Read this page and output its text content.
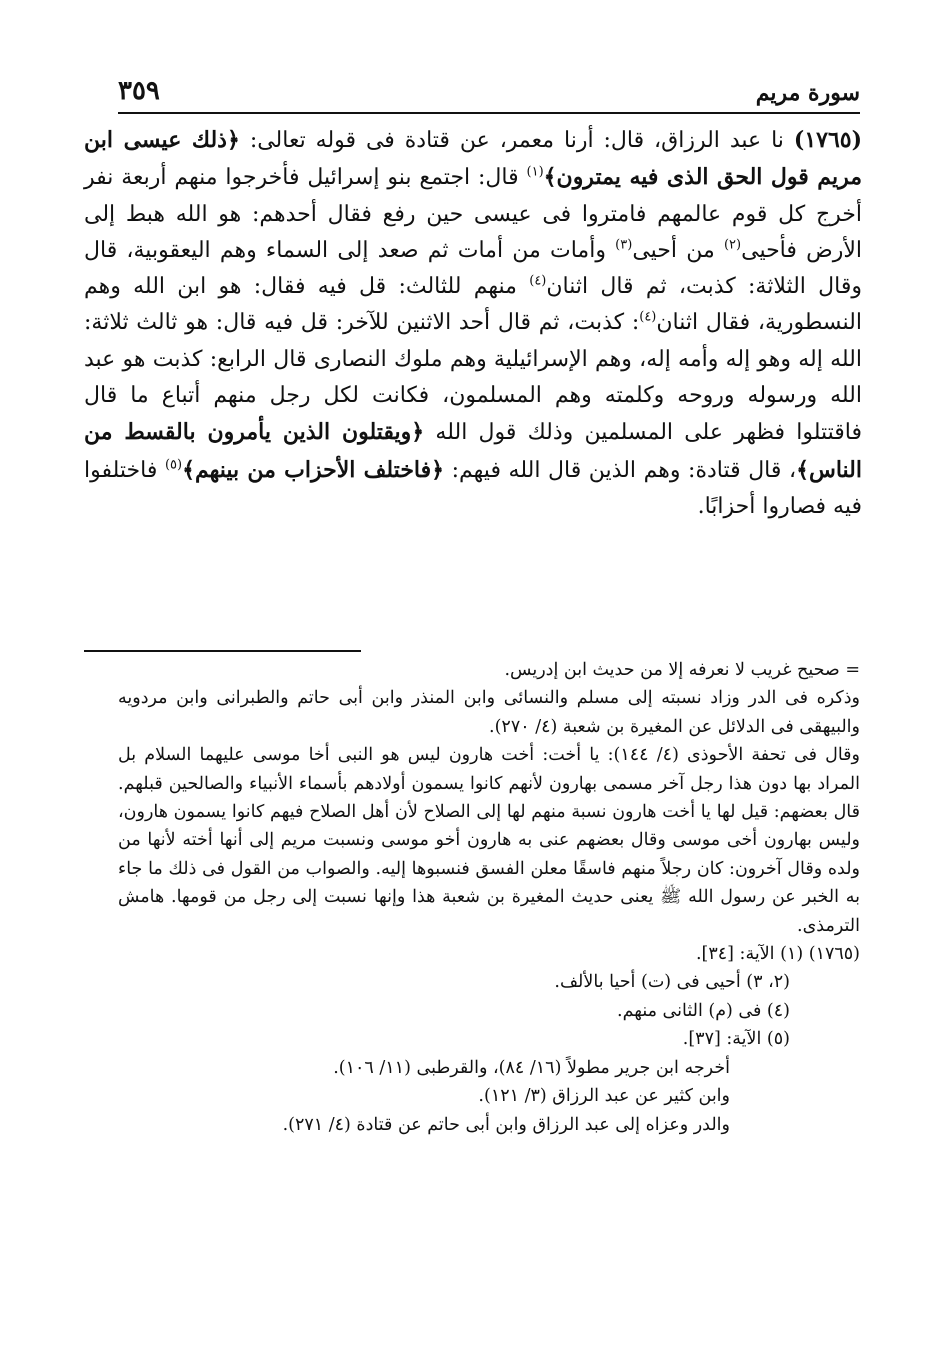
سورة مريم
٣٥٩

(١٧٦٥) نا عبد الرزاق، قال: أرنا معمر، عن قتادة فى قوله تعالى: ﴿ذلك عيسى ابن مريم قول الحق الذى فيه يمترون﴾$^{(١)}$ قال: اجتمع بنو إسرائيل فأخرجوا منهم أربعة نفر أخرج كل قوم عالمهم فامتروا فى عيسى حين رفع فقال أحدهم: هو الله هبط إلى الأرض فأحيى$^{(٢)}$ من أحيى$^{(٣)}$ وأمات من أمات ثم صعد إلى السماء وهم اليعقوبية، قال وقال الثلاثة: كذبت، ثم قال اثنان$^{(٤)}$ منهم للثالث: قل فيه فقال: هو ابن الله وهم النسطورية، فقال اثنان$^{(٤)}$: كذبت، ثم قال أحد الاثنين للآخر: قل فيه قال: هو ثالث ثلاثة: الله إله وهو إله وأمه إله، وهم الإسرائيلية وهم ملوك النصارى قال الرابع: كذبت هو عبد الله ورسوله وروحه وكلمته وهم المسلمون، فكانت لكل رجل منهم أتباع ما قال فاقتتلوا فظهر على المسلمين وذلك قول الله ﴿ويقتلون الذين يأمرون بالقسط من الناس﴾، قال قتادة: وهم الذين قال الله فيهم: ﴿فاختلف الأحزاب من بينهم﴾$^{(٥)}$ فاختلفوا فيه فصاروا أحزابًا.

= صحيح غريب لا نعرفه إلا من حديث ابن إدريس.

وذكره فى الدر وزاد نسبته إلى مسلم والنسائى وابن المنذر وابن أبى حاتم والطبرانى وابن مردويه والبيهقى فى الدلائل عن المغيرة بن شعبة (٤/ ٢٧٠).

وقال فى تحفة الأحوذى (٤/ ١٤٤): يا أخت: أخت هارون ليس هو النبى أخا موسى عليهما السلام بل المراد بها دون هذا رجل آخر مسمى بهارون لأنهم كانوا يسمون أولادهم بأسماء الأنبياء والصالحين قبلهم. قال بعضهم: قيل لها يا أخت هارون نسبة منهم لها إلى الصلاح لأن أهل الصلاح فيهم كانوا يسمون هارون، وليس بهارون أخى موسى وقال بعضهم عنى به هارون أخو موسى ونسبت مريم إلى أنها أخته لأنها من ولده وقال آخرون: كان رجلاً منهم فاسقًا معلن الفسق فنسبوها إليه. والصواب من القول فى ذلك ما جاء به الخبر عن رسول الله ﷺ يعنى حديث المغيرة بن شعبة هذا وإنها نسبت إلى رجل من قومها. هامش الترمذى.

(١٧٦٥) (١) الآية: [٣٤].

(٢، ٣) أحيى فى (ت) أحيا بالألف.

(٤) فى (م) الثانى منهم.

(٥) الآية: [٣٧].

أخرجه ابن جرير مطولاً (١٦/ ٨٤)، والقرطبى (١١/ ١٠٦).

وابن كثير عن عبد الرزاق (٣/ ١٢١).

والدر وعزاه إلى عبد الرزاق وابن أبى حاتم عن قتادة (٤/ ٢٧١).
